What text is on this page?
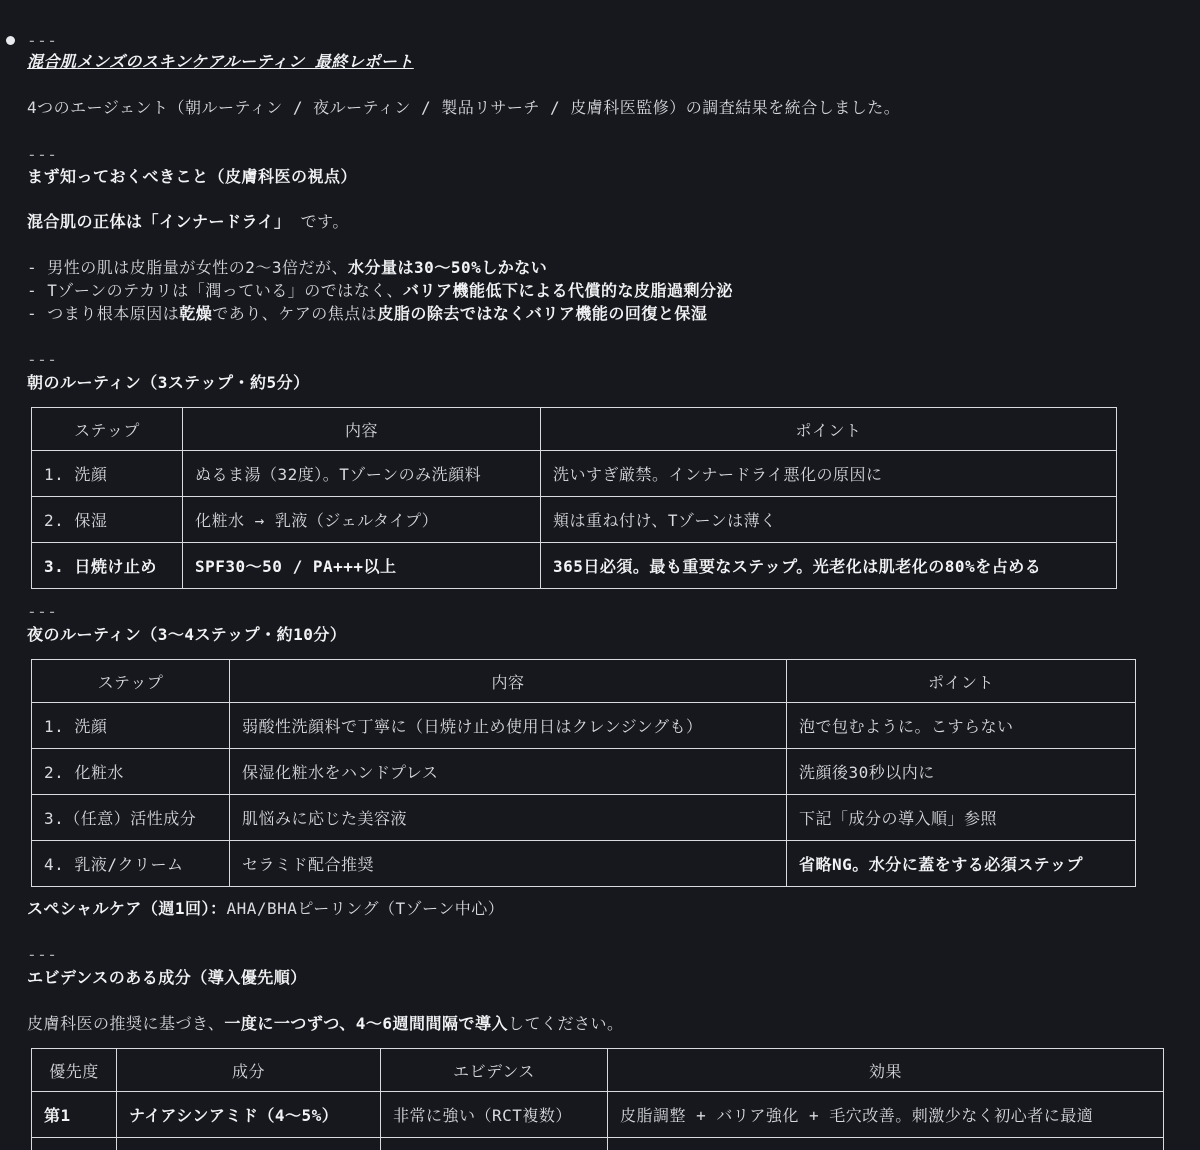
---
混合肌メンズのスキンケアルーティン 最終レポート
4つのエージェント（朝ルーティン / 夜ルーティン / 製品リサーチ / 皮膚科医監修）の調査結果を統合しました。
---
まず知っておくべきこと（皮膚科医の視点）
混合肌の正体は「インナードライ」 です。
- 男性の肌は皮脂量が女性の2〜3倍だが、水分量は30〜50%しかない
- Tゾーンのテカリは「潤っている」のではなく、バリア機能低下による代償的な皮脂過剰分泌
- つまり根本原因は乾燥であり、ケアの焦点は皮脂の除去ではなくバリア機能の回復と保湿
---
朝のルーティン（3ステップ・約5分）
ステップ	内容	ポイント
1. 洗顔	ぬるま湯（32度）。Tゾーンのみ洗顔料	洗いすぎ厳禁。インナードライ悪化の原因に
2. 保湿	化粧水 → 乳液（ジェルタイプ）	頬は重ね付け、Tゾーンは薄く
3. 日焼け止め	SPF30〜50 / PA+++以上	365日必須。最も重要なステップ。光老化は肌老化の80%を占める
---
夜のルーティン（3〜4ステップ・約10分）
ステップ	内容	ポイント
1. 洗顔	弱酸性洗顔料で丁寧に（日焼け止め使用日はクレンジングも）	泡で包むように。こすらない
2. 化粧水	保湿化粧水をハンドプレス	洗顔後30秒以内に
3.（任意）活性成分	肌悩みに応じた美容液	下記「成分の導入順」参照
4. 乳液/クリーム	セラミド配合推奨	省略NG。水分に蓋をする必須ステップ
スペシャルケア（週1回）：AHA/BHAピーリング（Tゾーン中心）
---
エビデンスのある成分（導入優先順）
皮膚科医の推奨に基づき、一度に一つずつ、4〜6週間間隔で導入してください。
優先度	成分	エビデンス	効果
第1	ナイアシンアミド（4〜5%）	非常に強い（RCT複数）	皮脂調整 + バリア強化 + 毛穴改善。刺激少なく初心者に最適
